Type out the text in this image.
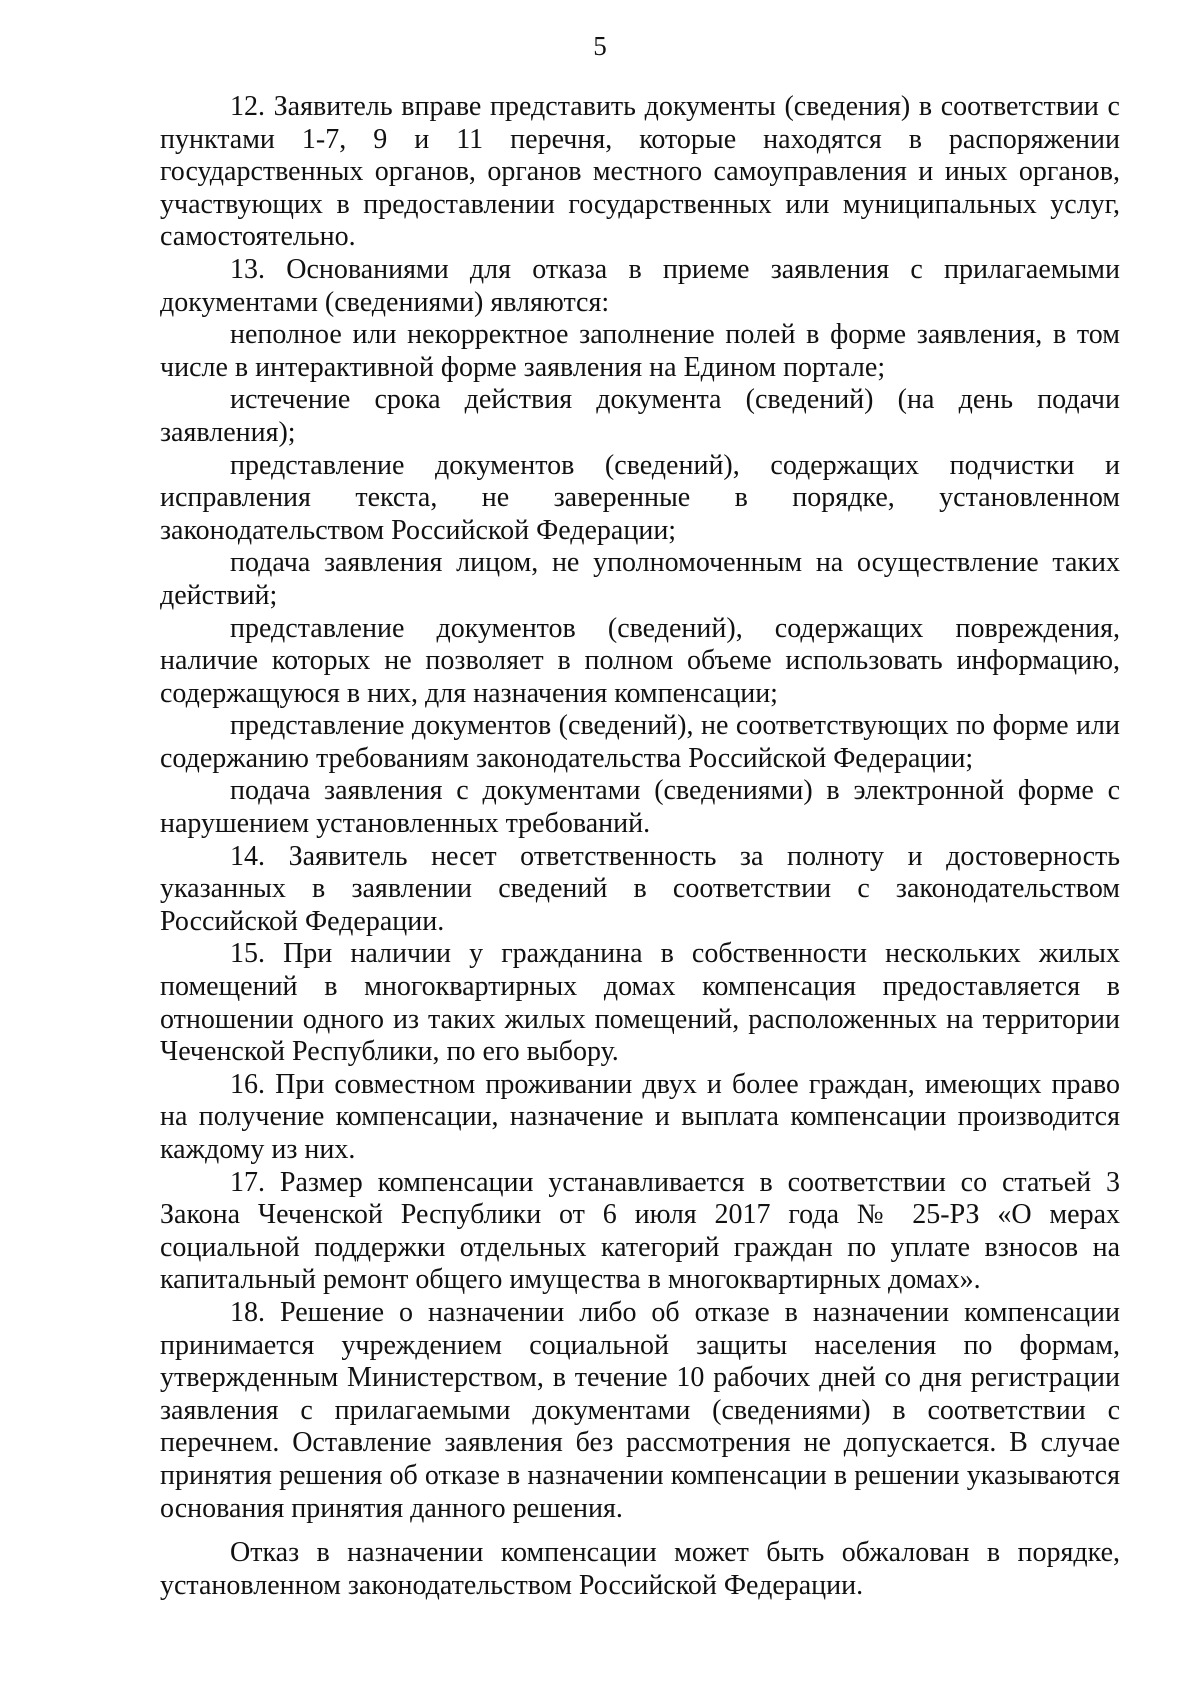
5

12. Заявитель вправе представить документы (сведения) в соответствии с пунктами 1-7, 9 и 11 перечня, которые находятся в распоряжении государственных органов, органов местного самоуправления и иных органов, участвующих в предоставлении государственных или муниципальных услуг, самостоятельно.

13. Основаниями для отказа в приеме заявления с прилагаемыми документами (сведениями) являются:

неполное или некорректное заполнение полей в форме заявления, в том числе в интерактивной форме заявления на Едином портале;

истечение срока действия документа (сведений) (на день подачи заявления);

представление документов (сведений), содержащих подчистки и исправления текста, не заверенные в порядке, установленном законодательством Российской Федерации;

подача заявления лицом, не уполномоченным на осуществление таких действий;

представление документов (сведений), содержащих повреждения, наличие которых не позволяет в полном объеме использовать информацию, содержащуюся в них, для назначения компенсации;

представление документов (сведений), не соответствующих по форме или содержанию требованиям законодательства Российской Федерации;

подача заявления с документами (сведениями) в электронной форме с нарушением установленных требований.

14. Заявитель несет ответственность за полноту и достоверность указанных в заявлении сведений в соответствии с законодательством Российской Федерации.

15. При наличии у гражданина в собственности нескольких жилых помещений в многоквартирных домах компенсация предоставляется в отношении одного из таких жилых помещений, расположенных на территории Чеченской Республики, по его выбору.

16. При совместном проживании двух и более граждан, имеющих право на получение компенсации, назначение и выплата компенсации производится каждому из них.

17. Размер компенсации устанавливается в соответствии со статьей 3 Закона Чеченской Республики от 6 июля 2017 года № 25-РЗ «О мерах социальной поддержки отдельных категорий граждан по уплате взносов на капитальный ремонт общего имущества в многоквартирных домах».

18. Решение о назначении либо об отказе в назначении компенсации принимается учреждением социальной защиты населения по формам, утвержденным Министерством, в течение 10 рабочих дней со дня регистрации заявления с прилагаемыми документами (сведениями) в соответствии с перечнем. Оставление заявления без рассмотрения не допускается. В случае принятия решения об отказе в назначении компенсации в решении указываются основания принятия данного решения.

Отказ в назначении компенсации может быть обжалован в порядке, установленном законодательством Российской Федерации.
